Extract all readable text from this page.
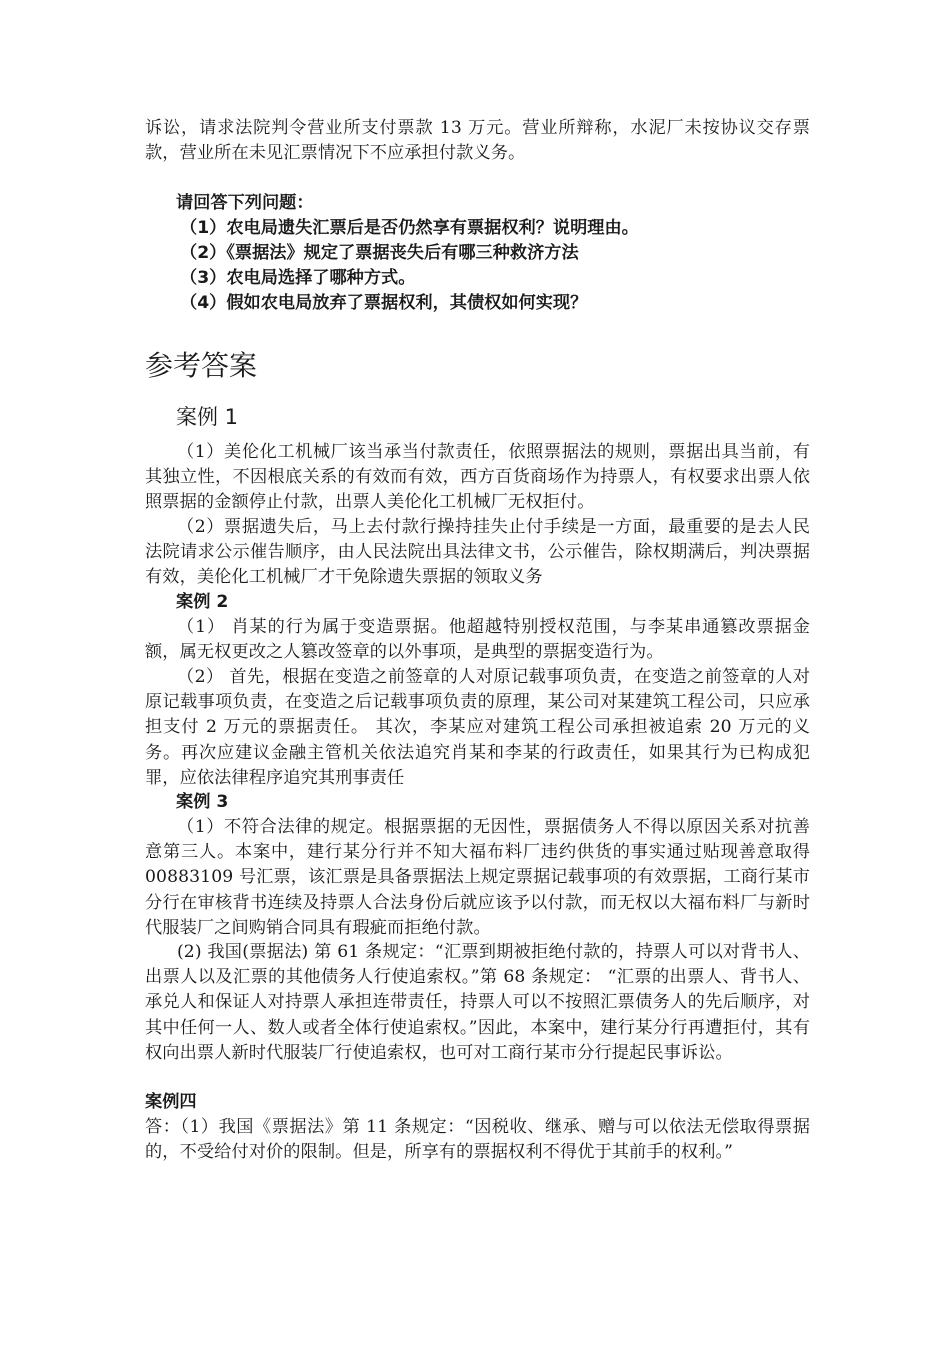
诉讼，请求法院判令营业所支付票款 13 万元。营业所辩称，水泥厂未按协议交存票款，营业所在未见汇票情况下不应承担付款义务。
请回答下列问题：
（1）农电局遗失汇票后是否仍然享有票据权利？说明理由。
（2）《票据法》规定了票据丧失后有哪三种救济方法
（3）农电局选择了哪种方式。
（4）假如农电局放弃了票据权利，其债权如何实现？
参考答案
案例 1
（1）美伦化工机械厂该当承当付款责任，依照票据法的规则，票据出具当前，有其独立性，不因根底关系的有效而有效，西方百货商场作为持票人，有权要求出票人依照票据的金额停止付款，出票人美伦化工机械厂无权拒付。
（2）票据遗失后，马上去付款行操持挂失止付手续是一方面，最重要的是去人民法院请求公示催告顺序，由人民法院出具法律文书，公示催告，除权期满后，判决票据有效，美伦化工机械厂才干免除遗失票据的领取义务
案例 2
（1） 肖某的行为属于变造票据。他超越特别授权范围，与李某串通篡改票据金额，属无权更改之人篡改签章的以外事项，是典型的票据变造行为。
（2） 首先，根据在变造之前签章的人对原记载事项负责，在变造之前签章的人对原记载事项负责，在变造之后记载事项负责的原理，某公司对某建筑工程公司，只应承担支付 2 万元的票据责任。 其次，李某应对建筑工程公司承担被追索 20 万元的义务。再次应建议金融主管机关依法追究肖某和李某的行政责任，如果其行为已构成犯罪，应依法律程序追究其刑事责任
案例 3
（1）不符合法律的规定。根据票据的无因性，票据债务人不得以原因关系对抗善意第三人。本案中，建行某分行并不知大福布料厂违约供货的事实通过贴现善意取得 00883109 号汇票，该汇票是具备票据法上规定票据记载事项的有效票据，工商行某市分行在审核背书连续及持票人合法身份后就应该予以付款，而无权以大福布料厂与新时代服装厂之间购销合同具有瑕疵而拒绝付款。
(2) 我国(票据法) 第 61 条规定：“汇票到期被拒绝付款的，持票人可以对背书人、出票人以及汇票的其他债务人行使追索权。”第 68 条规定： “汇票的出票人、背书人、承兑人和保证人对持票人承担连带责任，持票人可以不按照汇票债务人的先后顺序，对其中任何一人、数人或者全体行使追索权。”因此，本案中，建行某分行再遭拒付，其有权向出票人新时代服装厂行使追索权，也可对工商行某市分行提起民事诉讼。
案例四
答：（1）我国《票据法》第 11 条规定：“因税收、继承、赠与可以依法无偿取得票据的，不受给付对价的限制。但是，所享有的票据权利不得优于其前手的权利。”
